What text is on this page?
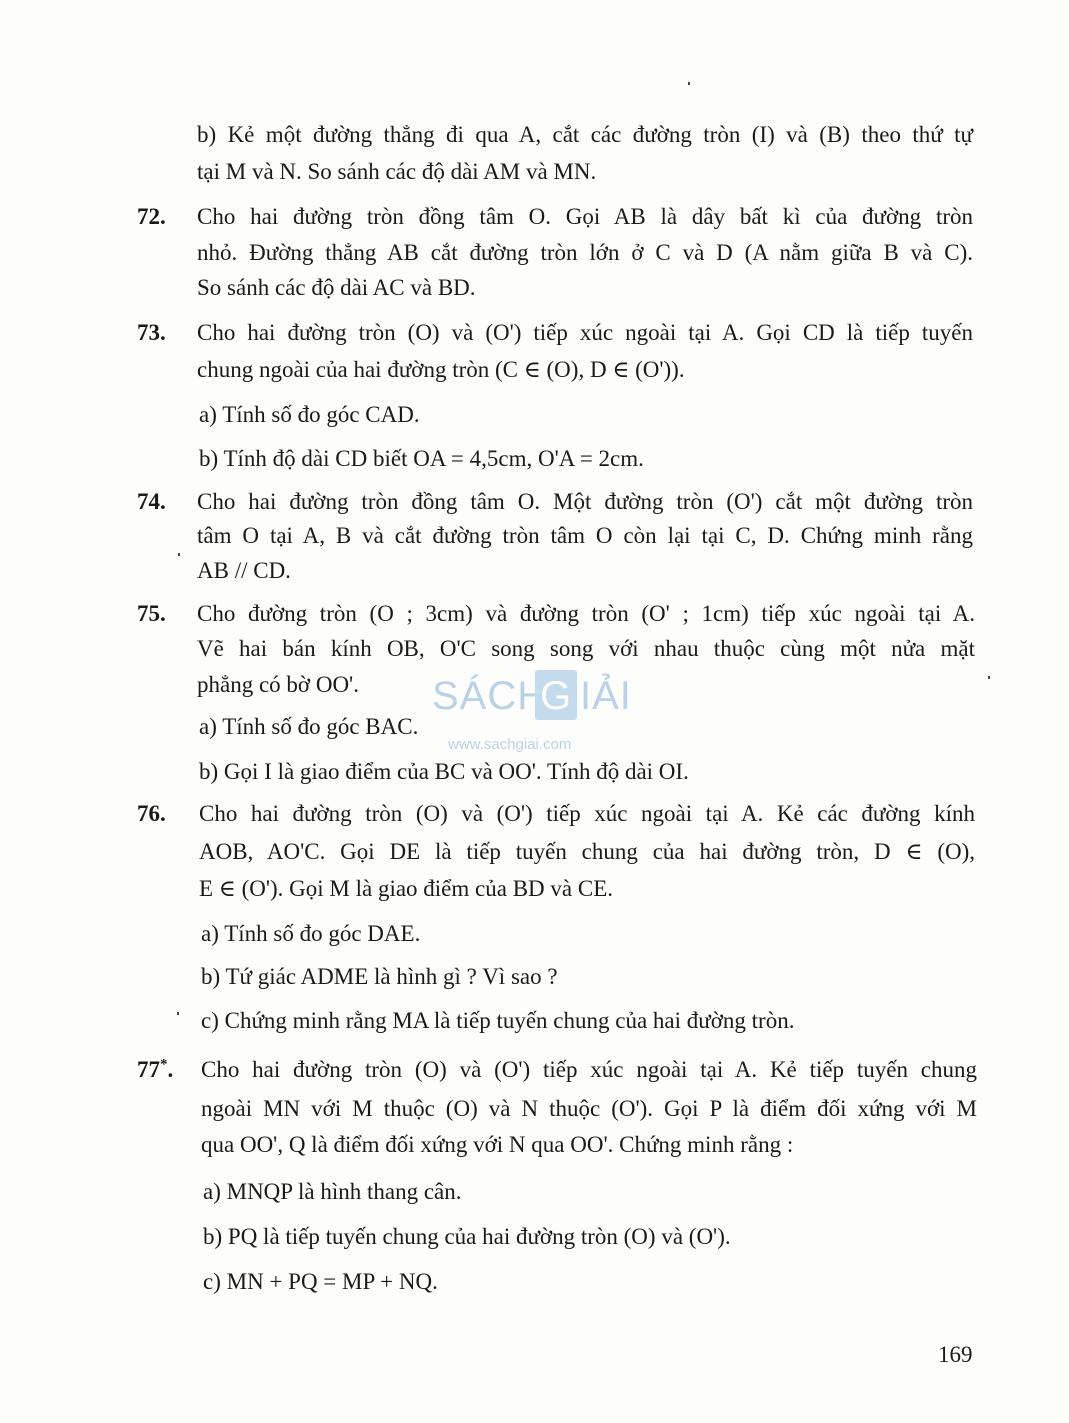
b) Kẻ một đường thẳng đi qua A, cắt các đường tròn (I) và (B) theo thứ tự
tại M và N. So sánh các độ dài AM và MN.
72. Cho hai đường tròn đồng tâm O. Gọi AB là dây bất kì của đường tròn
nhỏ. Đường thẳng AB cắt đường tròn lớn ở C và D (A nằm giữa B và C).
So sánh các độ dài AC và BD.
73. Cho hai đường tròn (O) và (O') tiếp xúc ngoài tại A. Gọi CD là tiếp tuyến
chung ngoài của hai đường tròn (C ∈ (O), D ∈ (O')).
a) Tính số đo góc CAD.
b) Tính độ dài CD biết OA = 4,5cm, O'A = 2cm.
74. Cho hai đường tròn đồng tâm O. Một đường tròn (O') cắt một đường tròn
tâm O tại A, B và cắt đường tròn tâm O còn lại tại C, D. Chứng minh rằng
AB // CD.
75. Cho đường tròn (O ; 3cm) và đường tròn (O' ; 1cm) tiếp xúc ngoài tại A.
Vẽ hai bán kính OB, O'C song song với nhau thuộc cùng một nửa mặt
phẳng có bờ OO'.
a) Tính số đo góc BAC.
b) Gọi I là giao điểm của BC và OO'. Tính độ dài OI.
76. Cho hai đường tròn (O) và (O') tiếp xúc ngoài tại A. Kẻ các đường kính
AOB, AO'C. Gọi DE là tiếp tuyến chung của hai đường tròn, D ∈ (O),
E ∈ (O'). Gọi M là giao điểm của BD và CE.
a) Tính số đo góc DAE.
b) Tứ giác ADME là hình gì ? Vì sao ?
c) Chứng minh rằng MA là tiếp tuyến chung của hai đường tròn.
77*. Cho hai đường tròn (O) và (O') tiếp xúc ngoài tại A. Kẻ tiếp tuyến chung
ngoài MN với M thuộc (O) và N thuộc (O'). Gọi P là điểm đối xứng với M
qua OO', Q là điểm đối xứng với N qua OO'. Chứng minh rằng :
a) MNQP là hình thang cân.
b) PQ là tiếp tuyến chung của hai đường tròn (O) và (O').
c) MN + PQ = MP + NQ.
169
SÁCH
G IẢI
www.sachgiai.com
